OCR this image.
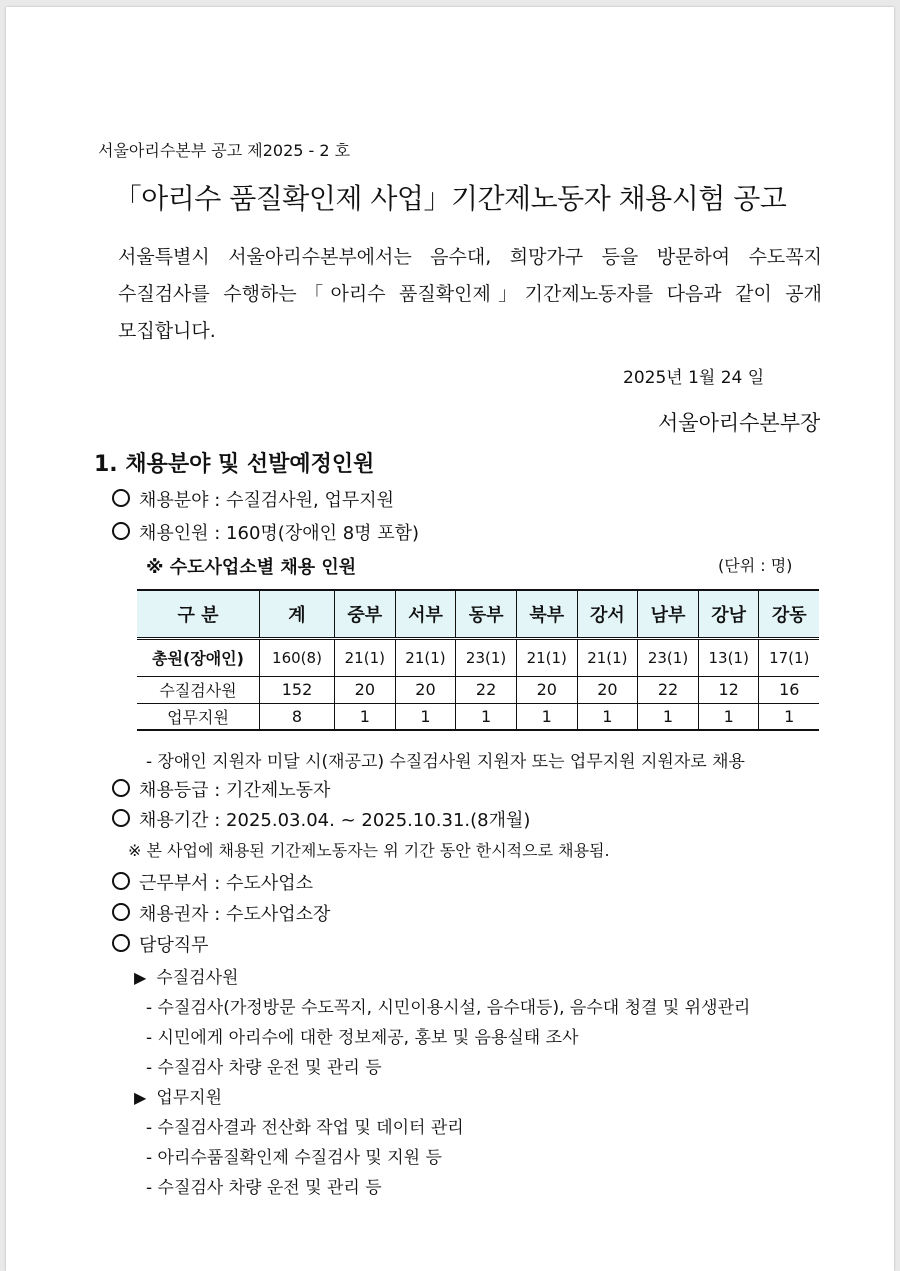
서울아리수본부 공고 제2025 - 2 호
「아리수 품질확인제 사업」기간제노동자 채용시험 공고
서울특별시 서울아리수본부에서는 음수대, 희망가구 등을 방문하여 수도꼭지
수질검사를 수행하는「아리수 품질확인제」기간제노동자를 다음과 같이 공개
모집합니다.
2025년 1월 24 일
서울아리수본부장
1. 채용분야 및 선발예정인원
채용분야 : 수질검사원, 업무지원
채용인원 : 160명(장애인 8명 포함)
※ 수도사업소별 채용 인원	(단위 : 명)
구 분	계	중부	서부	동부	북부	강서	남부	강남	강동
총원(장애인)	160(8)	21(1)	21(1)	23(1)	21(1)	21(1)	23(1)	13(1)	17(1)
수질검사원	152	20	20	22	20	20	22	12	16
업무지원	8	1	1	1	1	1	1	1	1
- 장애인 지원자 미달 시(재공고) 수질검사원 지원자 또는 업무지원 지원자로 채용
채용등급 : 기간제노동자
채용기간 : 2025.03.04. ~ 2025.10.31.(8개월)
※ 본 사업에 채용된 기간제노동자는 위 기간 동안 한시적으로 채용됨.
근무부서 : 수도사업소
채용권자 : 수도사업소장
담당직무
▶ 수질검사원
- 수질검사(가정방문 수도꼭지, 시민이용시설, 음수대등), 음수대 청결 및 위생관리
- 시민에게 아리수에 대한 정보제공, 홍보 및 음용실태 조사
- 수질검사 차량 운전 및 관리 등
▶ 업무지원
- 수질검사결과 전산화 작업 및 데이터 관리
- 아리수품질확인제 수질검사 및 지원 등
- 수질검사 차량 운전 및 관리 등
